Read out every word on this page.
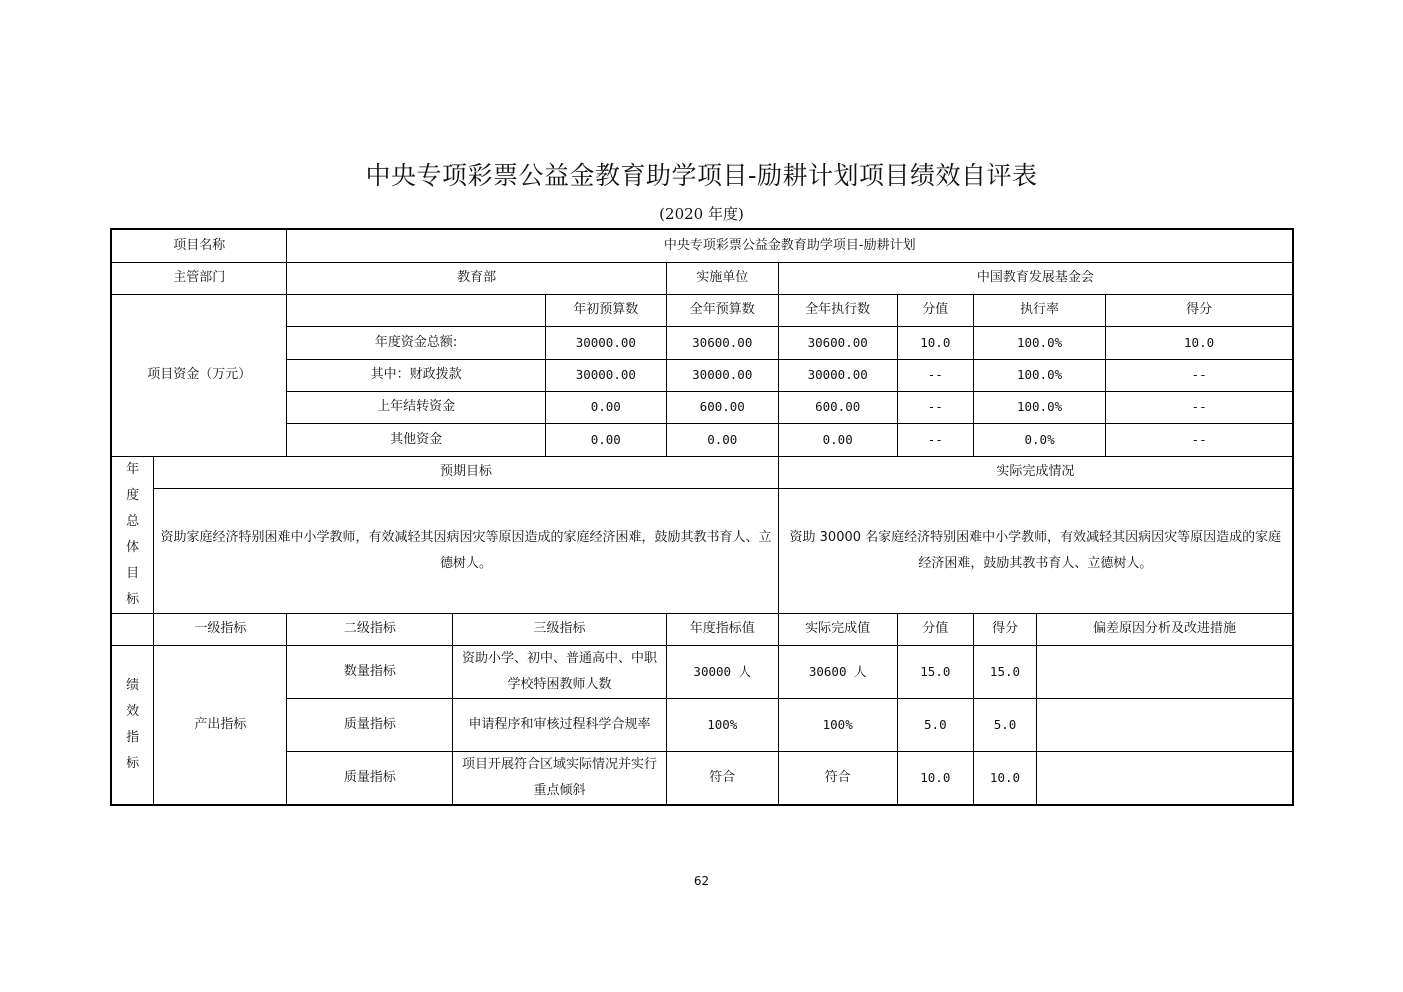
中央专项彩票公益金教育助学项目-励耕计划项目绩效自评表
(2020 年度)
项目名称		中央专项彩票公益金教育助学项目-励耕计划								
主管部门		教育部			实施单位	中国教育发展基金会				
项目资金（万元）				年初预算数	全年预算数	全年执行数	分值	执行率		得分
		年度资金总额:		30000.00	30600.00	30600.00	10.0	100.0%		10.0
		其中：财政拨款		30000.00	30000.00	30000.00	--	100.0%		--
		上年结转资金		0.00	600.00	600.00	--	100.0%		--
		其他资金		0.00	0.00	0.00	--	0.0%		--
年度总体目标	预期目标					实际完成情况				
	资助家庭经济特别困难中小学教师，有效减轻其因病因灾等原因造成的家庭经济困难，鼓励其教书育人、立德树人。					资助 30000 名家庭经济特别困难中小学教师，有效减轻其因病因灾等原因造成的家庭经济困难，鼓励其教书育人、立德树人。				
	一级指标	二级指标	三级指标		年度指标值	实际完成值	分值	得分	偏差原因分析及改进措施	
绩效指标	产出指标	数量指标	资助小学、初中、普通高中、中职学校特困教师人数		30000 人	30600 人	15.0	15.0		
		质量指标	申请程序和审核过程科学合规率		100%	100%	5.0	5.0		
		质量指标	项目开展符合区域实际情况并实行重点倾斜		符合	符合	10.0	10.0		
62
